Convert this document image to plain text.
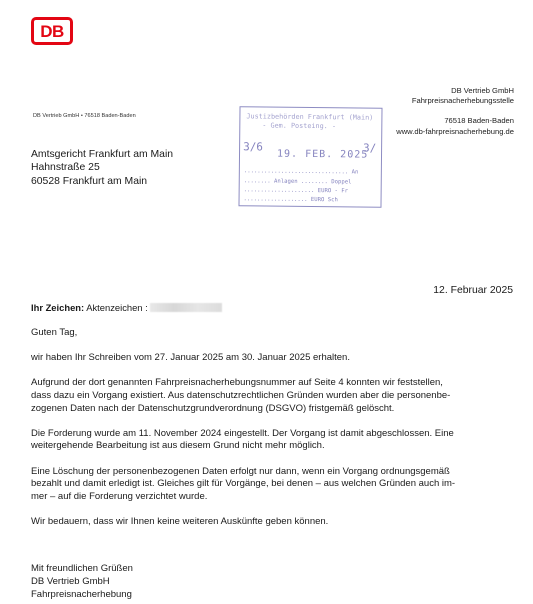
DB
DB Vertrieb GmbH
Fahrpreisnacherhebungsstelle
76518 Baden-Baden
www.db-fahrpreisnacherhebung.de
DB Vertrieb GmbH • 76518 Baden-Baden
Amtsgericht Frankfurt am Main
Hahnstraße 25
60528 Frankfurt am Main
Justizbehörden Frankfurt (Main)
- Gem. Posteing. -
3/6
19. FEB. 2025
3/
............................... An
........ Anlagen ........ Doppel
..................... EURO - Fr
................... EURO Sch
12. Februar 2025
Ihr Zeichen: Aktenzeichen :

Guten Tag,

wir haben Ihr Schreiben vom 27. Januar 2025 am 30. Januar 2025 erhalten.

Aufgrund der dort genannten Fahrpreisnacherhebungsnummer auf Seite 4 konnten wir feststellen,

dass dazu ein Vorgang existiert. Aus datenschutzrechtlichen Gründen wurden aber die personenbe-

zogenen Daten nach der Datenschutzgrundverordnung (DSGVO) fristgemäß gelöscht.

Die Forderung wurde am 11. November 2024 eingestellt. Der Vorgang ist damit abgeschlossen. Eine

weitergehende Bearbeitung ist aus diesem Grund nicht mehr möglich.

Eine Löschung der personenbezogenen Daten erfolgt nur dann, wenn ein Vorgang ordnungsgemäß

bezahlt und damit erledigt ist. Gleiches gilt für Vorgänge, bei denen – aus welchen Gründen auch im-

mer – auf die Forderung verzichtet wurde.

Wir bedauern, dass wir Ihnen keine weiteren Auskünfte geben können.

Mit freundlichen Grüßen
DB Vertrieb GmbH
Fahrpreisnacherhebung
